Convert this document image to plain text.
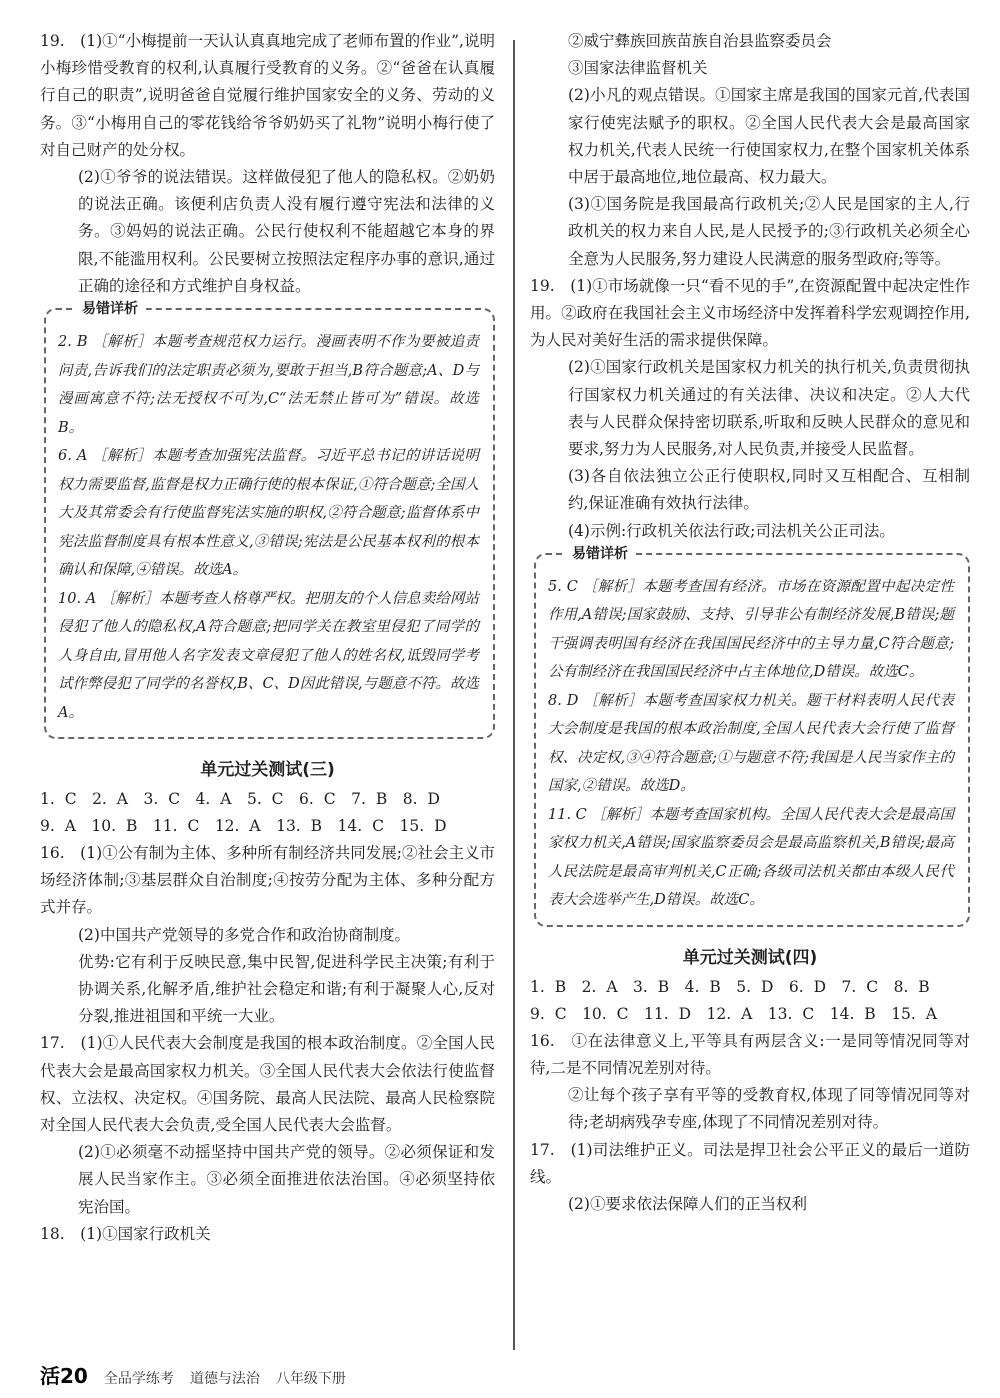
19.　(1)①“小梅提前一天认认真真地完成了老师布置的作业”,说明小梅珍惜受教育的权利,认真履行受教育的义务。②“爸爸在认真履行自己的职责”,说明爸爸自觉履行维护国家安全的义务、劳动的义务。③“小梅用自己的零花钱给爷爷奶奶买了礼物”说明小梅行使了对自己财产的处分权。
(2)①爷爷的说法错误。这样做侵犯了他人的隐私权。②奶奶的说法正确。该便利店负责人没有履行遵守宪法和法律的义务。③妈妈的说法正确。公民行使权利不能超越它本身的界限,不能滥用权利。公民要树立按照法定程序办事的意识,通过正确的途径和方式维护自身权益。
易错详析
2. B ［解析］本题考查规范权力运行。漫画表明不作为要被追责问责,告诉我们的法定职责必须为,要敢于担当,B符合题意;A、D与漫画寓意不符;法无授权不可为,C“法无禁止皆可为”错误。故选B。
6. A ［解析］本题考查加强宪法监督。习近平总书记的讲话说明权力需要监督,监督是权力正确行使的根本保证,①符合题意;全国人大及其常委会有行使监督宪法实施的职权,②符合题意;监督体系中宪法监督制度具有根本性意义,③错误;宪法是公民基本权利的根本确认和保障,④错误。故选A。
10. A ［解析］本题考查人格尊严权。把朋友的个人信息卖给网站侵犯了他人的隐私权,A符合题意;把同学关在教室里侵犯了同学的人身自由,冒用他人名字发表文章侵犯了他人的姓名权,诋毁同学考试作弊侵犯了同学的名誉权,B、C、D因此错误,与题意不符。故选A。
单元过关测试(三)
1. C　2. A　3. C　4. A　5. C　6. C　7. B　8. D
9. A　10. B　11. C　12. A　13. B　14. C　15. D
16.　(1)①公有制为主体、多种所有制经济共同发展;②社会主义市场经济体制;③基层群众自治制度;④按劳分配为主体、多种分配方式并存。
(2)中国共产党领导的多党合作和政治协商制度。
优势:它有利于反映民意,集中民智,促进科学民主决策;有利于协调关系,化解矛盾,维护社会稳定和谐;有利于凝聚人心,反对分裂,推进祖国和平统一大业。
17.　(1)①人民代表大会制度是我国的根本政治制度。②全国人民代表大会是最高国家权力机关。③全国人民代表大会依法行使监督权、立法权、决定权。④国务院、最高人民法院、最高人民检察院对全国人民代表大会负责,受全国人民代表大会监督。
(2)①必须毫不动摇坚持中国共产党的领导。②必须保证和发展人民当家作主。③必须全面推进依法治国。④必须坚持依宪治国。
18.　(1)①国家行政机关
②威宁彝族回族苗族自治县监察委员会
③国家法律监督机关
(2)小凡的观点错误。①国家主席是我国的国家元首,代表国家行使宪法赋予的职权。②全国人民代表大会是最高国家权力机关,代表人民统一行使国家权力,在整个国家机关体系中居于最高地位,地位最高、权力最大。
(3)①国务院是我国最高行政机关;②人民是国家的主人,行政机关的权力来自人民,是人民授予的;③行政机关必须全心全意为人民服务,努力建设人民满意的服务型政府;等等。
19.　(1)①市场就像一只“看不见的手”,在资源配置中起决定性作用。②政府在我国社会主义市场经济中发挥着科学宏观调控作用,为人民对美好生活的需求提供保障。
(2)①国家行政机关是国家权力机关的执行机关,负责贯彻执行国家权力机关通过的有关法律、决议和决定。②人大代表与人民群众保持密切联系,听取和反映人民群众的意见和要求,努力为人民服务,对人民负责,并接受人民监督。
(3)各自依法独立公正行使职权,同时又互相配合、互相制约,保证准确有效执行法律。
(4)示例:行政机关依法行政;司法机关公正司法。
易错详析
5. C ［解析］本题考查国有经济。市场在资源配置中起决定性作用,A错误;国家鼓励、支持、引导非公有制经济发展,B错误;题干强调表明国有经济在我国国民经济中的主导力量,C符合题意;公有制经济在我国国民经济中占主体地位,D错误。故选C。
8. D ［解析］本题考查国家权力机关。题干材料表明人民代表大会制度是我国的根本政治制度,全国人民代表大会行使了监督权、决定权,③④符合题意;①与题意不符;我国是人民当家作主的国家,②错误。故选D。
11. C ［解析］本题考查国家机构。全国人民代表大会是最高国家权力机关,A错误;国家监察委员会是最高监察机关,B错误;最高人民法院是最高审判机关,C正确;各级司法机关都由本级人民代表大会选举产生,D错误。故选C。
单元过关测试(四)
1. B　2. A　3. B　4. B　5. D　6. D　7. C　8. B
9. C　10. C　11. D　12. A　13. C　14. B　15. A
16.　①在法律意义上,平等具有两层含义:一是同等情况同等对待,二是不同情况差别对待。
②让每个孩子享有平等的受教育权,体现了同等情况同等对待;老胡病残孕专座,体现了不同情况差别对待。
17.　(1)司法维护正义。司法是捍卫社会公平正义的最后一道防线。
(2)①要求依法保障人们的正当权利
活20 全品学练考 道德与法治 八年级下册
